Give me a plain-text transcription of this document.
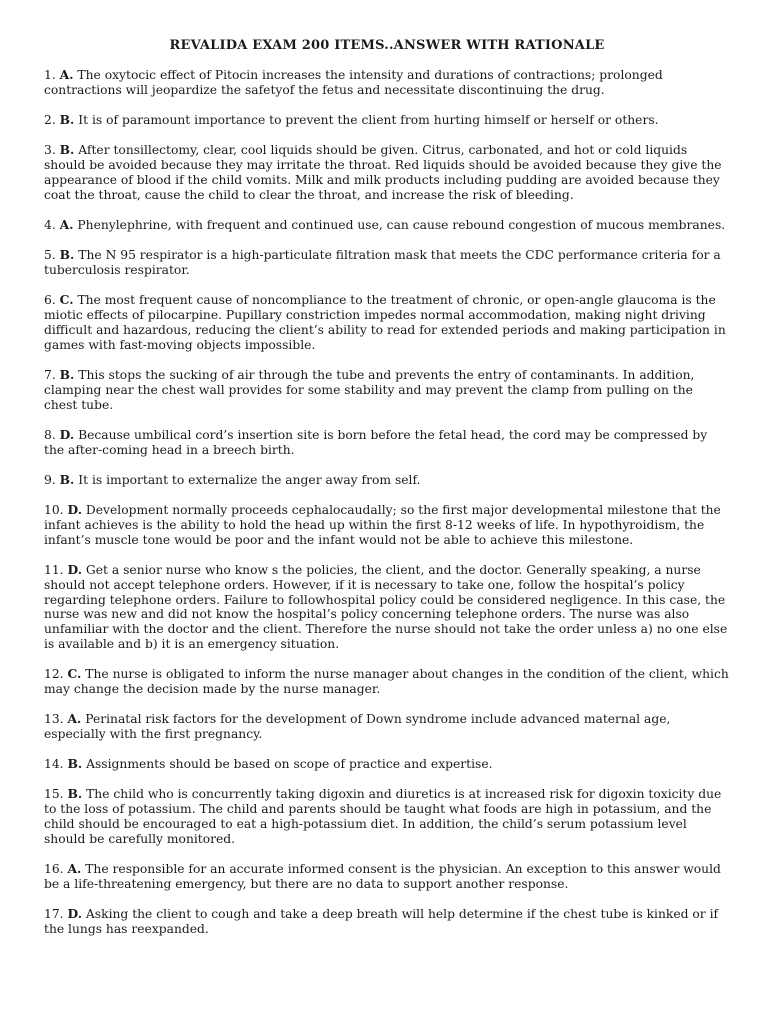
REVALIDA EXAM 200 ITEMS..ANSWER WITH RATIONALE
1. A. The oxytocic effect of Pitocin increases the intensity and durations of contractions; prolonged contractions will jeopardize the safetyof the fetus and necessitate discontinuing the drug.
2. B. It is of paramount importance to prevent the client from hurting himself or herself or others.
3. B. After tonsillectomy, clear, cool liquids should be given. Citrus, carbonated, and hot or cold liquids should be avoided because they may irritate the throat. Red liquids should be avoided because they give the appearance of blood if the child vomits. Milk and milk products including pudding are avoided because they coat the throat, cause the child to clear the throat, and increase the risk of bleeding.
4. A. Phenylephrine, with frequent and continued use, can cause rebound congestion of mucous membranes.
5. B. The N 95 respirator is a high-particulate filtration mask that meets the CDC performance criteria for a tuberculosis respirator.
6. C. The most frequent cause of noncompliance to the treatment of chronic, or open-angle glaucoma is the miotic effects of pilocarpine. Pupillary constriction impedes normal accommodation, making night driving difficult and hazardous, reducing the client’s ability to read for extended periods and making participation in games with fast-moving objects impossible.
7. B. This stops the sucking of air through the tube and prevents the entry of contaminants. In addition, clamping near the chest wall provides for some stability and may prevent the clamp from pulling on the chest tube.
8. D. Because umbilical cord’s insertion site is born before the fetal head, the cord may be compressed by the after-coming head in a breech birth.
9. B. It is important to externalize the anger away from self.
10. D. Development normally proceeds cephalocaudally; so the first major developmental milestone that the infant achieves is the ability to hold the head up within the first 8-12 weeks of life. In hypothyroidism, the infant’s muscle tone would be poor and the infant would not be able to achieve this milestone.
11. D. Get a senior nurse who know s the policies, the client, and the doctor. Generally speaking, a nurse should not accept telephone orders. However, if it is necessary to take one, follow the hospital’s policy regarding telephone orders. Failure to followhospital policy could be considered negligence. In this case, the nurse was new and did not know the hospital’s policy concerning telephone orders. The nurse was also unfamiliar with the doctor and the client. Therefore the nurse should not take the order unless a) no one else is available and b) it is an emergency situation.
12. C. The nurse is obligated to inform the nurse manager about changes in the condition of the client, which may change the decision made by the nurse manager.
13. A. Perinatal risk factors for the development of Down syndrome include advanced maternal age, especially with the first pregnancy.
14. B. Assignments should be based on scope of practice and expertise.
15. B. The child who is concurrently taking digoxin and diuretics is at increased risk for digoxin toxicity due to the loss of potassium. The child and parents should be taught what foods are high in potassium, and the child should be encouraged to eat a high-potassium diet. In addition, the child’s serum potassium level should be carefully monitored.
16. A. The responsible for an accurate informed consent is the physician. An exception to this answer would be a life-threatening emergency, but there are no data to support another response.
17. D. Asking the client to cough and take a deep breath will help determine if the chest tube is kinked or if the lungs has reexpanded.
